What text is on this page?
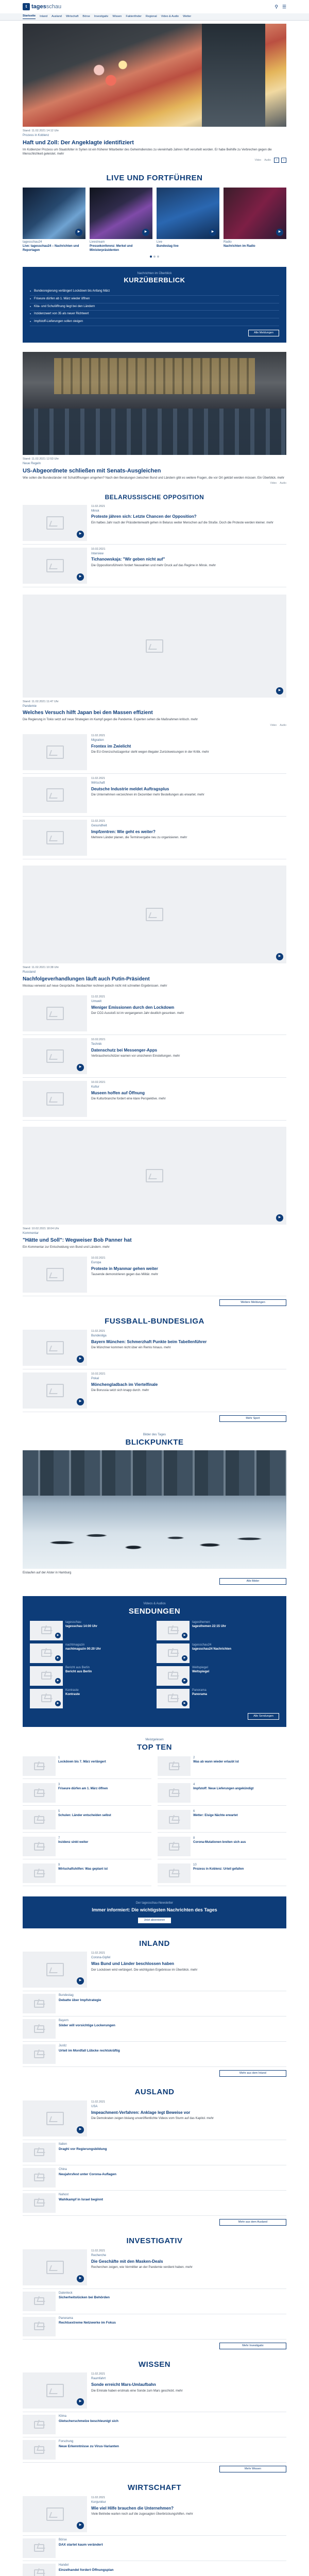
t tagesschau	⚲ ☰
Startseite Inland Ausland Wirtschaft Börse Investigativ Wissen Faktenfinder Regional Video & Audio Wetter
Stand: 11.02.2021 14:12 Uhr
Prozess in Koblenz
Haft und Zoll: Der Angeklagte identifiziert
Im Koblenzer Prozess um Staatsfolter in Syrien ist ein früherer Mitarbeiter des Geheimdienstes zu viereinhalb Jahren Haft verurteilt worden. Er habe Beihilfe zu Verbrechen gegen die Menschlichkeit geleistet. mehr
Video Audio	‹	›
LIVE UND FORTFÜHREN
▶
tagesschau24
Live: tagesschau24 – Nachrichten und Reportagen
▶
Livestream
Pressekonferenz: Merkel und Ministerpräsidenten
▶
Live
Bundestag live
▶
Radio
Nachrichten im Radio
Nachrichten im Überblick
KURZÜBERBLICK
■ Bundesregierung verlängert Lockdown bis Anfang März
■ Friseure dürfen ab 1. März wieder öffnen
■ Kita- und Schulöffnung liegt bei den Ländern
■ Inzidenzwert von 35 als neuer Richtwert
■ Impfstoff-Lieferungen sollen steigen
Alle Meldungen
Stand: 11.02.2021 12:53 Uhr
Neue Regeln
US-Abgeordnete schließen mit Senats-Ausgleichen
Wie sollen die Bundesländer mit Schulöffnungen umgehen? Nach den Beratungen zwischen Bund und Ländern gibt es weitere Fragen, die vor Ort geklärt werden müssen. Ein Überblick. mehr
Video Audio
BELARUSSISCHE OPPOSITION
▶
11.02.2021
Minsk
Proteste jähren sich: Letzte Chancen der Opposition?
Ein halbes Jahr nach der Präsidentenwahl gehen in Belarus weiter Menschen auf die Straße. Doch die Proteste werden kleiner. mehr
▶
10.02.2021
Interview
Tichanowskaja: "Wir geben nicht auf"
Die Oppositionsführerin fordert Neuwahlen und mehr Druck auf das Regime in Minsk. mehr
▶
Stand: 11.02.2021 11:47 Uhr
Pandemie
Welches Versuch hilft Japan bei den Massen effizient
Die Regierung in Tokio setzt auf neue Strategien im Kampf gegen die Pandemie. Experten sehen die Maßnahmen kritisch. mehr
Video Audio
11.02.2021
Migration
Frontex im Zwielicht
Die EU-Grenzschutzagentur steht wegen illegaler Zurückweisungen in der Kritik. mehr
11.02.2021
Wirtschaft
Deutsche Industrie meldet Auftragsplus
Die Unternehmen verzeichnen im Dezember mehr Bestellungen als erwartet. mehr
11.02.2021
Gesundheit
Impfzentren: Wie geht es weiter?
Mehrere Länder planen, die Terminvergabe neu zu organisieren. mehr
▶
Stand: 11.02.2021 10:38 Uhr
Russland
Nachfolgeverhandlungen läuft auch Putin-Präsident
Moskau verweist auf neue Gespräche. Beobachter rechnen jedoch nicht mit schnellen Ergebnissen. mehr
11.02.2021
Umwelt
Weniger Emissionen durch den Lockdown
Der CO2-Ausstoß ist im vergangenen Jahr deutlich gesunken. mehr
▶
10.02.2021
Technik
Datenschutz bei Messenger-Apps
Verbraucherschützer warnen vor unsicheren Einstellungen. mehr
10.02.2021
Kultur
Museen hoffen auf Öffnung
Die Kulturbranche fordert eine klare Perspektive. mehr
▶
Stand: 10.02.2021 18:04 Uhr
Kommentar
"Hätte und Soll": Wegweiser Bob Panner hat
Ein Kommentar zur Entscheidung von Bund und Ländern. mehr
10.02.2021
Europa
Proteste in Myanmar gehen weiter
Tausende demonstrieren gegen das Militär. mehr
Weitere Meldungen
FUSSBALL-BUNDESLIGA
▶
11.02.2021
Bundesliga
Bayern München: Schmerzhaft Punkte beim Tabellenführer
Die Münchner kommen nicht über ein Remis hinaus. mehr
▶
10.02.2021
Pokal
Mönchengladbach im Viertelfinale
Die Borussia setzt sich knapp durch. mehr
Mehr Sport
Bilder des Tages
BLICKPUNKTE
Eislaufen auf der Alster in Hamburg
Alle Bilder
Videos & Audios
SENDUNGEN
▶
tagesschau
tagesschau 14:00 Uhr
▶
tagesthemen
tagesthemen 22:15 Uhr
▶
nachtmagazin
nachtmagazin 00:20 Uhr
▶
tagesschau24
tagesschau24 Nachrichten
▶
Bericht aus Berlin
Bericht aus Berlin
▶
Weltspiegel
Weltspiegel
▶
Kontraste
Kontraste
▶
Panorama
Panorama
Alle Sendungen
Meistgelesen
TOP TEN
1
Lockdown bis 7. März verlängert
2
Was ab wann wieder erlaubt ist
3
Friseure dürfen am 1. März öffnen
4
Impfstoff: Neue Lieferungen angekündigt
5
Schulen: Länder entscheiden selbst
6
Wetter: Eisige Nächte erwartet
7
Inzidenz sinkt weiter
8
Corona-Mutationen breiten sich aus
9
Wirtschaftshilfen: Was geplant ist
10
Prozess in Koblenz: Urteil gefallen
Der tagesschau-Newsletter
Immer informiert: Die wichtigsten Nachrichten des Tages
Jetzt abonnieren
INLAND
▶
11.02.2021
Corona-Gipfel
Was Bund und Länder beschlossen haben
Der Lockdown wird verlängert. Die wichtigsten Ergebnisse im Überblick. mehr
Bundestag
Debatte über Impfstrategie
Bayern
Söder will vorsichtige Lockerungen
Justiz
Urteil im Mordfall Lübcke rechtskräftig
Mehr aus dem Inland
AUSLAND
▶
11.02.2021
USA
Impeachment-Verfahren: Anklage legt Beweise vor
Die Demokraten zeigen bislang unveröffentlichte Videos vom Sturm auf das Kapitol. mehr
Italien
Draghi vor Regierungsbildung
China
Neujahrsfest unter Corona-Auflagen
Nahost
Wahlkampf in Israel beginnt
Mehr aus dem Ausland
INVESTIGATIV
▶
11.02.2021
Recherche
Die Geschäfte mit den Masken-Deals
Recherchen zeigen, wie Vermittler an der Pandemie verdient haben. mehr
Datenleck
Sicherheitslücken bei Behörden
Panorama
Rechtsextreme Netzwerke im Fokus
Mehr Investigativ
WISSEN
▶
11.02.2021
Raumfahrt
Sonde erreicht Mars-Umlaufbahn
Die Emirate haben erstmals eine Sonde zum Mars geschickt. mehr
Klima
Gletscherschmelze beschleunigt sich
Forschung
Neue Erkenntnisse zu Virus-Varianten
Mehr Wissen
WIRTSCHAFT
▶
11.02.2021
Konjunktur
Wie viel Hilfe brauchen die Unternehmen?
Viele Betriebe warten noch auf die zugesagten Überbrückungshilfen. mehr
Börse
DAX startet kaum verändert
Handel
Einzelhandel fordert Öffnungsplan
